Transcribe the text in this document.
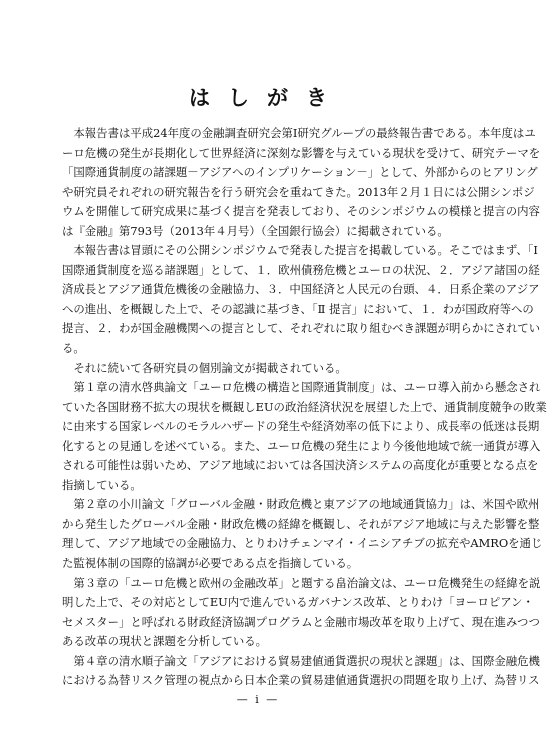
はしがき
本報告書は平成24年度の金融調査研究会第Ⅰ研究グループの最終報告書である。本年度はユ
ーロ危機の発生が長期化して世界経済に深刻な影響を与えている現状を受けて、研究テーマを
「国際通貨制度の諸課題－アジアへのインプリケーション－」として、外部からのヒアリング
や研究員それぞれの研究報告を行う研究会を重ねてきた。2013年２月１日には公開シンポジ
ウムを開催して研究成果に基づく提言を発表しており、そのシンポジウムの模様と提言の内容
は『金融』第793号（2013年４月号）（全国銀行協会）に掲載されている。
本報告書は冒頭にその公開シンポジウムで発表した提言を掲載している。そこではまず、「Ⅰ
国際通貨制度を巡る諸課題」として、１．欧州債務危機とユーロの状況、２．アジア諸国の経
済成長とアジア通貨危機後の金融協力、３．中国経済と人民元の台頭、４．日系企業のアジア
への進出、を概観した上で、その認識に基づき、「Ⅱ 提言」において、１．わが国政府等への
提言、２．わが国金融機関への提言として、それぞれに取り組むべき課題が明らかにされてい
る。
それに続いて各研究員の個別論文が掲載されている。
第１章の清水啓典論文「ユーロ危機の構造と国際通貨制度」は、ユーロ導入前から懸念され
ていた各国財務不拡大の現状を概観しEUの政治経済状況を展望した上で、通貨制度競争の敗業
に由来する国家レベルのモラルハザードの発生や経済効率の低下により、成長率の低迷は長期
化するとの見通しを述べている。また、ユーロ危機の発生により今後他地域で統一通貨が導入
される可能性は弱いため、アジア地域においては各国決済システムの高度化が重要となる点を
指摘している。
第２章の小川論文「グローバル金融・財政危機と東アジアの地域通貨協力」は、米国や欧州
から発生したグローバル金融・財政危機の経緯を概観し、それがアジア地域に与えた影響を整
理して、アジア地域での金融協力、とりわけチェンマイ・イニシアチブの拡充やAMROを通じ
た監視体制の国際的協調が必要である点を指摘している。
第３章の「ユーロ危機と欧州の金融改革」と題する畠治論文は、ユーロ危機発生の経緯を説
明した上で、その対応としてEU内で進んでいるガバナンス改革、とりわけ「ヨーロピアン・
セメスター」と呼ばれる財政経済協調プログラムと金融市場改革を取り上げて、現在進みつつ
ある改革の現状と課題を分析している。
第４章の清水順子論文「アジアにおける貿易建値通貨選択の現状と課題」は、国際金融危機
における為替リスク管理の視点から日本企業の貿易建値通貨選択の問題を取り上げ、為替リス
— i —
